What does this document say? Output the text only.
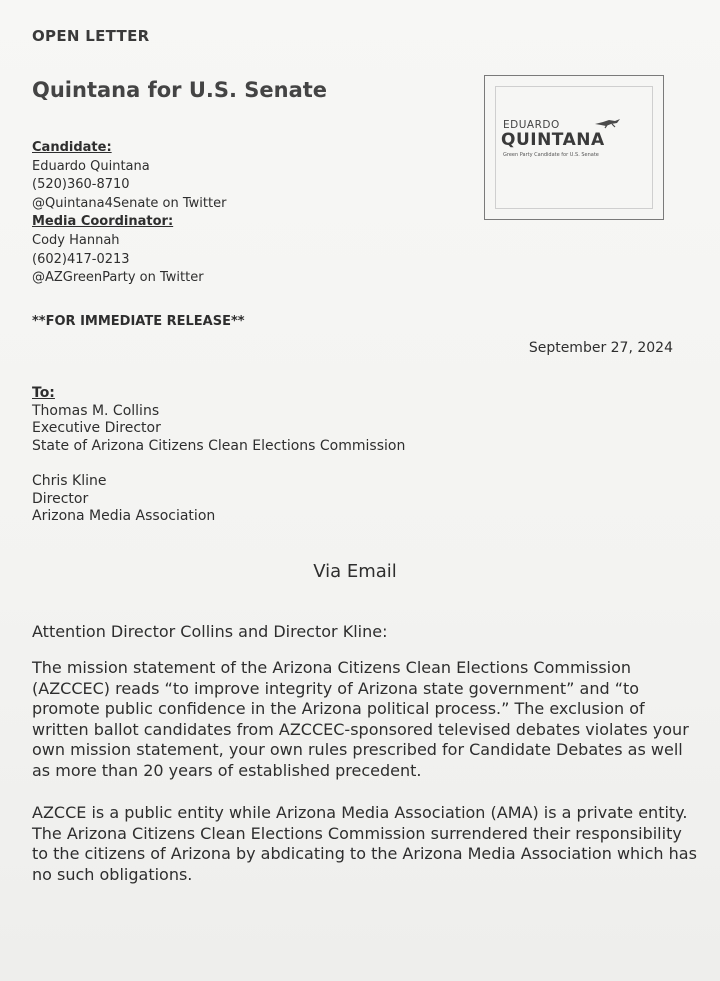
OPEN LETTER
Quintana for U.S. Senate
EDUARDO
QUINTANA
Green Party Candidate for U.S. Senate
Candidate:
Eduardo Quintana
(520)360-8710
@Quintana4Senate on Twitter
Media Coordinator:
Cody Hannah
(602)417-0213
@AZGreenParty on Twitter
**FOR IMMEDIATE RELEASE**
September 27, 2024
To:
Thomas M. Collins
Executive Director
State of Arizona Citizens Clean Elections Commission
Chris Kline
Director
Arizona Media Association
Via Email
Attention Director Collins and Director Kline:
The mission statement of the Arizona Citizens Clean Elections Commission (AZCCEC) reads “to improve integrity of Arizona state government” and “to promote public confidence in the Arizona political process.” The exclusion of written ballot candidates from AZCCEC-sponsored televised debates violates your own mission statement, your own rules prescribed for Candidate Debates as well as more than 20 years of established precedent.
AZCCE is a public entity while Arizona Media Association (AMA) is a private entity. The Arizona Citizens Clean Elections Commission surrendered their responsibility to the citizens of Arizona by abdicating to the Arizona Media Association which has no such obligations.
